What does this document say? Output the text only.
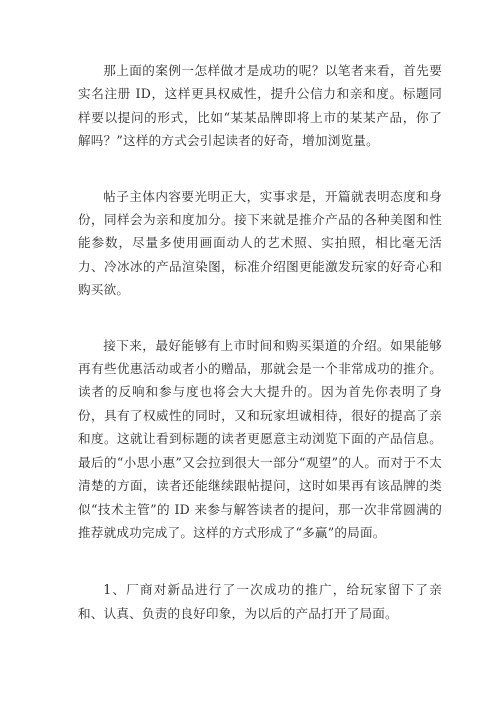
那上面的案例一怎样做才是成功的呢？以笔者来看，首先要实名注册 ID，这样更具权威性，提升公信力和亲和度。标题同样要以提问的形式，比如“某某品牌即将上市的某某产品，你了解吗？”这样的方式会引起读者的好奇，增加浏览量。

帖子主体内容要光明正大，实事求是，开篇就表明态度和身份，同样会为亲和度加分。接下来就是推介产品的各种美图和性能参数，尽量多使用画面动人的艺术照、实拍照，相比毫无活力、冷冰冰的产品渲染图，标准介绍图更能激发玩家的好奇心和购买欲。

接下来，最好能够有上市时间和购买渠道的介绍。如果能够再有些优惠活动或者小的赠品，那就会是一个非常成功的推介。读者的反响和参与度也将会大大提升的。因为首先你表明了身份，具有了权威性的同时，又和玩家坦诚相待，很好的提高了亲和度。这就让看到标题的读者更愿意主动浏览下面的产品信息。最后的“小思小惠”又会拉到很大一部分“观望”的人。而对于不太清楚的方面，读者还能继续跟帖提问，这时如果再有该品牌的类似“技术主管”的 ID 来参与解答读者的提问，那一次非常圆满的推荐就成功完成了。这样的方式形成了“多赢”的局面。

1、厂商对新品进行了一次成功的推广，给玩家留下了亲和、认真、负责的良好印象，为以后的产品打开了局面。
